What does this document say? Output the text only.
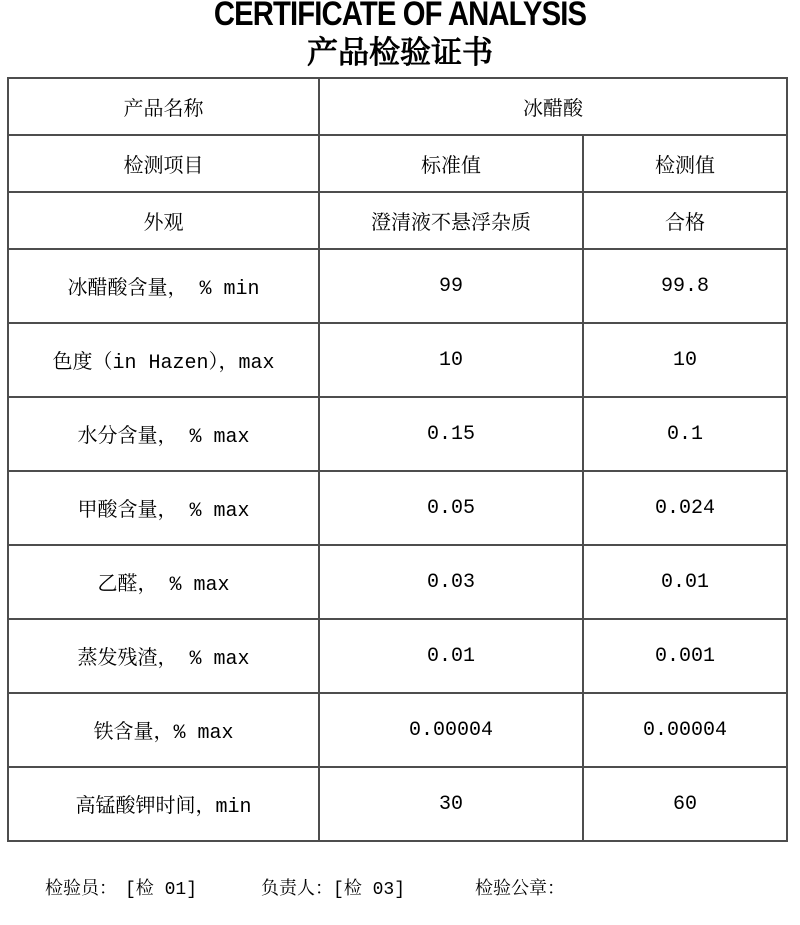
CERTIFICATE OF ANALYSIS
产品检验证书
产品名称	冰醋酸	
检测项目	标准值	检测值
外观	澄清液不悬浮杂质	合格
冰醋酸含量， % min	99	99.8
色度（in Hazen），max	10	10
水分含量， % max	0.15	0.1
甲酸含量， % max	0.05	0.024
乙醛， % max	0.03	0.01
蒸发残渣， % max	0.01	0.001
铁含量，% max	0.00004	0.00004
高锰酸钾时间，min	30	60
检验员： [检 01]	负责人：[检 03]	检验公章：
